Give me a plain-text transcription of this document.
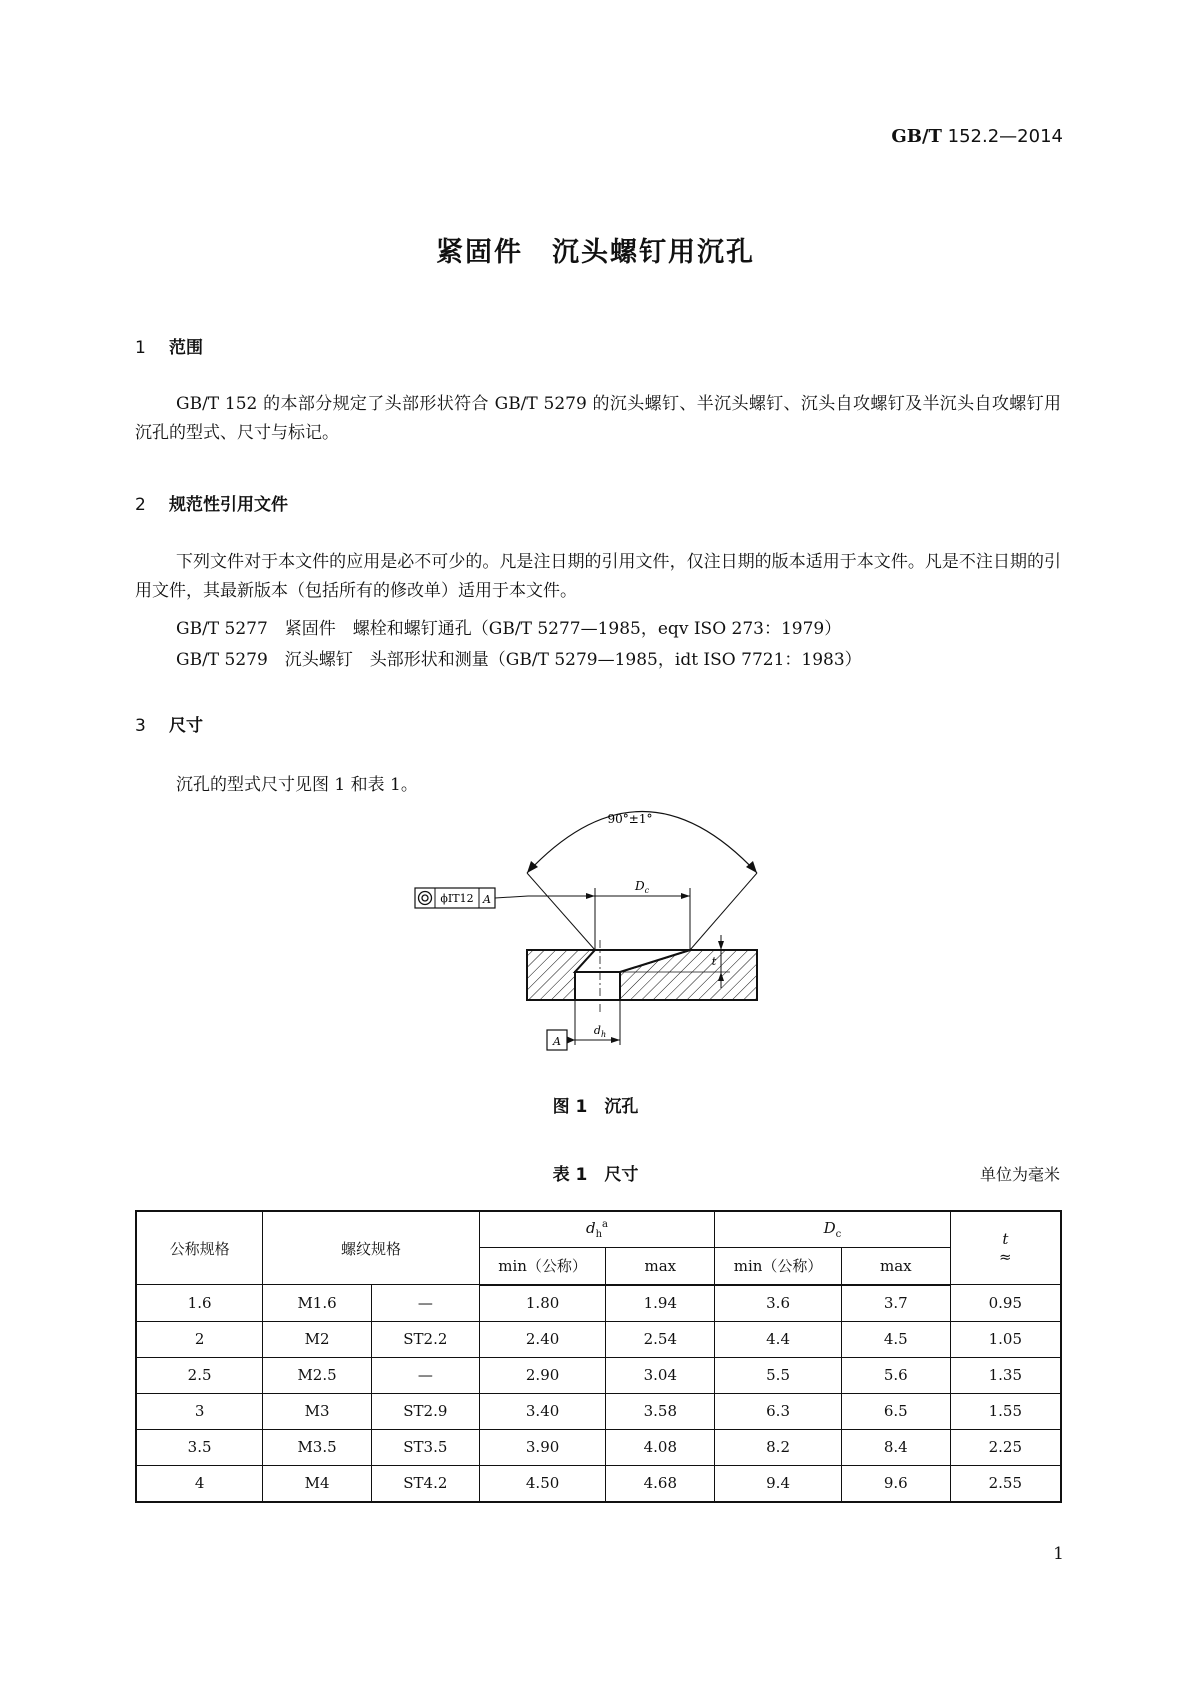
GB/T 152.2—2014
紧固件　沉头螺钉用沉孔
1 范围
GB/T 152 的本部分规定了头部形状符合 GB/T 5279 的沉头螺钉、半沉头螺钉、沉头自攻螺钉及半沉头自攻螺钉用沉孔的型式、尺寸与标记。
2 规范性引用文件
下列文件对于本文件的应用是必不可少的。凡是注日期的引用文件，仅注日期的版本适用于本文件。凡是不注日期的引用文件，其最新版本（包括所有的修改单）适用于本文件。
GB/T 5277　紧固件　螺栓和螺钉通孔（GB/T 5277—1985，eqv ISO 273：1979）
GB/T 5279　沉头螺钉　头部形状和测量（GB/T 5279—1985，idt ISO 7721：1983）
3 尺寸
沉孔的型式尺寸见图 1 和表 1。
90°±1°
$D_c$
ϕIT12 A
t
$d_h$
A
图 1　沉孔
表 1　尺寸	单位为毫米
公称规格	螺纹规格		$d_h^a$		$D_c$		t
≈

			min（公称）	max	min（公称）	max	
1.6	M1.6	—	1.80	1.94	3.6	3.7	0.95
2	M2	ST2.2	2.40	2.54	4.4	4.5	1.05
2.5	M2.5	—	2.90	3.04	5.5	5.6	1.35
3	M3	ST2.9	3.40	3.58	6.3	6.5	1.55
3.5	M3.5	ST3.5	3.90	4.08	8.2	8.4	2.25
4	M4	ST4.2	4.50	4.68	9.4	9.6	2.55
1
